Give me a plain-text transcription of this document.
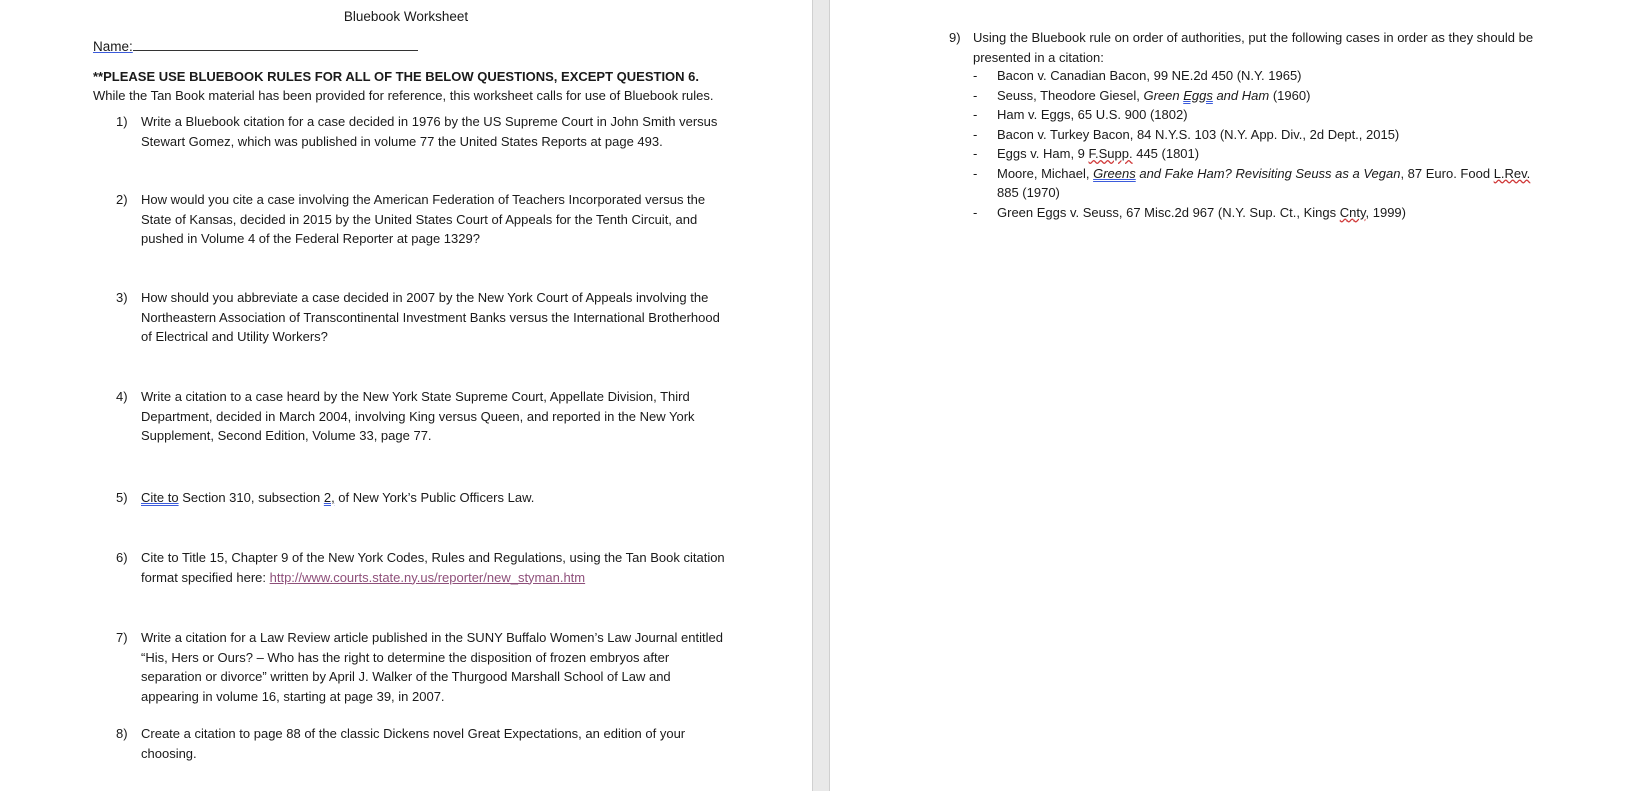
Bluebook Worksheet
Name:
**PLEASE USE BLUEBOOK RULES FOR ALL OF THE BELOW QUESTIONS, EXCEPT QUESTION 6. While the Tan Book material has been provided for reference, this worksheet calls for use of Bluebook rules.
1)	Write a Bluebook citation for a case decided in 1976 by the US Supreme Court in John Smith versus Stewart Gomez, which was published in volume 77 the United States Reports at page 493.
2)	How would you cite a case involving the American Federation of Teachers Incorporated versus the State of Kansas, decided in 2015 by the United States Court of Appeals for the Tenth Circuit, and pushed in Volume 4 of the Federal Reporter at page 1329?
3)	How should you abbreviate a case decided in 2007 by the New York Court of Appeals involving the Northeastern Association of Transcontinental Investment Banks versus the International Brotherhood of Electrical and Utility Workers?
4)	Write a citation to a case heard by the New York State Supreme Court, Appellate Division, Third Department, decided in March 2004, involving King versus Queen, and reported in the New York Supplement, Second Edition, Volume 33, page 77.
5)	Cite to Section 310, subsection 2, of New York’s Public Officers Law.
6)	Cite to Title 15, Chapter 9 of the New York Codes, Rules and Regulations, using the Tan Book citation format specified here: http://www.courts.state.ny.us/reporter/new_styman.htm
7)	Write a citation for a Law Review article published in the SUNY Buffalo Women’s Law Journal entitled “His, Hers or Ours? – Who has the right to determine the disposition of frozen embryos after separation or divorce” written by April J. Walker of the Thurgood Marshall School of Law and appearing in volume 16, starting at page 39, in 2007.
8)	Create a citation to page 88 of the classic Dickens novel Great Expectations, an edition of your choosing.
9) Using the Bluebook rule on order of authorities, put the following cases in order as they should be presented in a citation:
- Bacon v. Canadian Bacon, 99 NE.2d 450 (N.Y. 1965)
- Seuss, Theodore Giesel, Green Eggs and Ham (1960)
- Ham v. Eggs, 65 U.S. 900 (1802)
- Bacon v. Turkey Bacon, 84 N.Y.S. 103 (N.Y. App. Div., 2d Dept., 2015)
- Eggs v. Ham, 9 F.Supp. 445 (1801)
- Moore, Michael, Greens and Fake Ham? Revisiting Seuss as a Vegan, 87 Euro. Food L.Rev. 885 (1970)
- Green Eggs v. Seuss, 67 Misc.2d 967 (N.Y. Sup. Ct., Kings Cnty, 1999)
